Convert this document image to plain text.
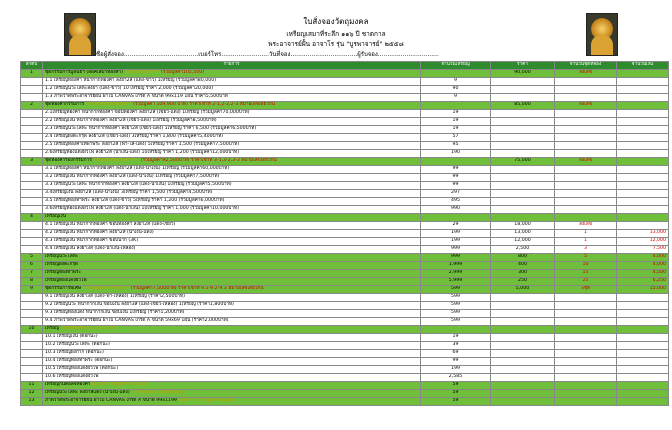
ใบสั่งจองวัตถุมงคล
เหรียญเสมาที่ระลึก ๑๑๖ ปี ชาตกาล
พระอาจารย์ฝั้น อาจาโร รุ่น "บูรพาจารย์" ๒๕๕๘
ชื่อผู้สั่งจอง.......................................เบอร์โทร.........................วันที่จอง...................................ผู้รับจอง................................
ลำดับ	รายการ	จำนวนเหรียญ	ราคา	จำนวนชุดที่จอง	จำนวนเงิน
1	ชุดกรรมการมูลนิธิฯ (ล็อคเสมาทองคำ) **ได้เลขตอง 9** (รวมมูลค่า105,500)		90,000	ลงเลข	
	1.1 เหรียญทองคำ หน้ากากทองคำ ลงยา2สี (แดง-ขาว) 1เหรียญ (รวมมูลค่า80,000)	9			
	1.2 เหรียญนวะโลหะลงยา (แดง-ขาว) 10 เหรียญ ราคา 2,000 (รวมมูลค่า20,000)	90			
	1.3 ภาพวาดพระอาจารย์ฝั้น ผ้าใบ CANVAS เกรด A ขนาด 99x119 1ผืน ราคา5,500บาท	9			
2	ชุดทองคำกรรมการ **(ล็อคเสมาทองคำ)** (รวมมูลค่า 109,900 บาท) ราคาเช่าที่ 2-1,2-2,2-3 หมายเลขเดียวกัน		85,000	ลงเลข	
	2.1เหรียญทองคำ หน้ากากทองคำ ขอบทองคำ ลงยา2สี (เขียว-แดง) 1เหรียญ (รวมมูลค่า70,000บาท)	19			
	2.2 เหรียญเงิน หน้ากากทองคำ ลงยา2สี (เขียว-แดง) 1เหรียญ (รวมมูลค่า8,500บาท)	19			
	2.3 เหรียญนวะโลหะ หน้ากากทองคำ ลงยา2สี (เขียว-แดง) 1เหรียญ ราคา 6,500 (รวมมูลค่า6,500บาท)	19			
	2.4 เหรียญฝังตะกรุด ลงยา2สี (เขียว-แดง) 3เหรียญ ราคา 1,800 (รวมมูลค่า5,400บาท)	57			
	2.5 เหรียญทองคำเทพาพระ ลงยา2สี (ฟ้า-ใส-แดง) 5เหรียญ ราคา 1,500 (รวมมูลค่า7,500บาท)	95			
	2.6เหรียญทองแดงผิวไฟ ลงยา2สี (น้ำเงิน-แดง) 10เหรียญ ราคา 1,200 (รวมมูลค่า12,000บาท)	190			
3	ชุดทองคำรองกรรมการ **(ล็อคเสมาทองคำ)** (รวมมูลค่า92,500บาท) ราคาเช่าที่ 3-1,3-2,3-3 หมายเลขเดียวกัน		75,000	ลงเลข	
	3.1 เหรียญทองคำ หน้ากากทองคำ ลงยา2สี (แดง-น้ำเงิน) 1เหรียญ (รวมมูลค่า60,000บาท)	99			
	3.2 เหรียญเงิน หน้ากากทองคำ ลงยา2สี (แดง-น้ำเงิน) 1เหรียญ (รวมมูลค่า7,500บาท)	99			
	3.3 เหรียญนวะโลหะ หน้ากากทองคำ ลงยา2สี (แดง-น้ำเงิน) 1เหรียญ (รวมมูลค่า5,500บาท)	99			
	3.4เหรียญเงิน ลงยา2สี (แดง-น้ำเงิน) 3เหรียญ ราคา 1,500 (รวมมูลค่า4,500บาท)	297			
	3.5 เหรียญทองทาพระ ลงยา2สี (แดง-ขาว) 5เหรียญ ราคา 1,200 (รวมมูลค่า6,000บาท)	495			
	3.6เหรียญทองแดงผิวไฟ ลงยา2สี (แดง-น้ำเงิน) 10เหรียญ ราคา 1,000 (รวมมูลค่า10,000บาท)	990			
4	เหรียญเงิน				
	4.1 เหรียญเงิน หน้ากากทองคำ ขอบทองคำ ลงยา2สี (แดง-เขียว)	29	18,000	ลงเลข	
	4.2 เหรียญเงิน หน้ากากทองคำ ลงยา2สี (น้ำเงิน-แดง)	199	13,000	1	13,000
	4.3 เหรียญเงิน หน้ากากทองคำ ขอบนาก (3K)	199	12,000	1	12,000
	4.4 เหรียญเงิน ลงยา3สี (แดง-น้ำเงิน-เหลือง)	999	2,500	3	7,500
5	เหรียญนวะโลหะ	999	800	5	4,000
6	เหรียญฝังตะกรุด	1,999	400	10	4,000
7	เหรียญทองทาพระ	2,999	300	15	4,500
8	เหรียญทองแดงผิวไฟ	5,999	250	25	6,250
9	ชุดกรรมการพิเศษ **(ชุดพิเศษ9เหรียญ)** (รวมมูลค่า7,500บาท) ราคาเช่าที่ 9.1-9.2-9.3 หมายเลขเดียวกัน	599	5,000	3ชุด	15,000
	9.1 เหรียญเงิน ลงยา3สี (แดง-ฟ้า-เหลือง) 1เหรียญ (ราคา2,500บาท)	599			
	9.2 เหรียญนวะ หน้ากากเงิน ขอบเงิน ลงยา3สี (แดง-เขียว-เหลือง) 1เหรียญ (ราคา1,800บาท)	599			
	9.3 เหรียญทองแดง หน้ากากเงิน ขอบเงิน 1เหรียญ (ราคา1,200บาท)	599			
	9.4 ภาพวาดพระอาจารย์ฝั้น ผ้าใบ CANVAS เกรด A ขนาด 59x69 1ผืน (ราคา2,000บาท)	599			
10	เหรียญ (สำหรับแจกผู้ร่วมงานวันที่)				
	10.1 เหรียญเงิน (ตอกนะ)	19			
	10.2 เหรียญนวะโลหะ (ตอกนะ)	39			
	10.3 เหรียญฝังกำกั้ (ตอกนะ)	69			
	10.4 เหรียญทองทาพระ (ตอกนะ)	99			
	10.5 เหรียญทองแดงผิวไฟ (ตอกนะ)	199			
	10.6 เหรียญทองแดงผิวไฟ	2,585			
11	เหรียญก็นตอลจทองคำ (แจกพระเถระผู้ทรงคุณวุฒิ)	59			
12	เหรียญนวะโลหะ ลงยาสีแดง (น้ำเงิน-แดง) (แจกพระเถระผู้ทรงคุณวุฒิ)	59			
13	ภาพวาดพระอาจารย์ฝั้น ผ้าใบ CANVAS เกรด A ขนาด 99x1199 (แจกพระเถระผู้ทรงคุณวุฒิ)	59			
